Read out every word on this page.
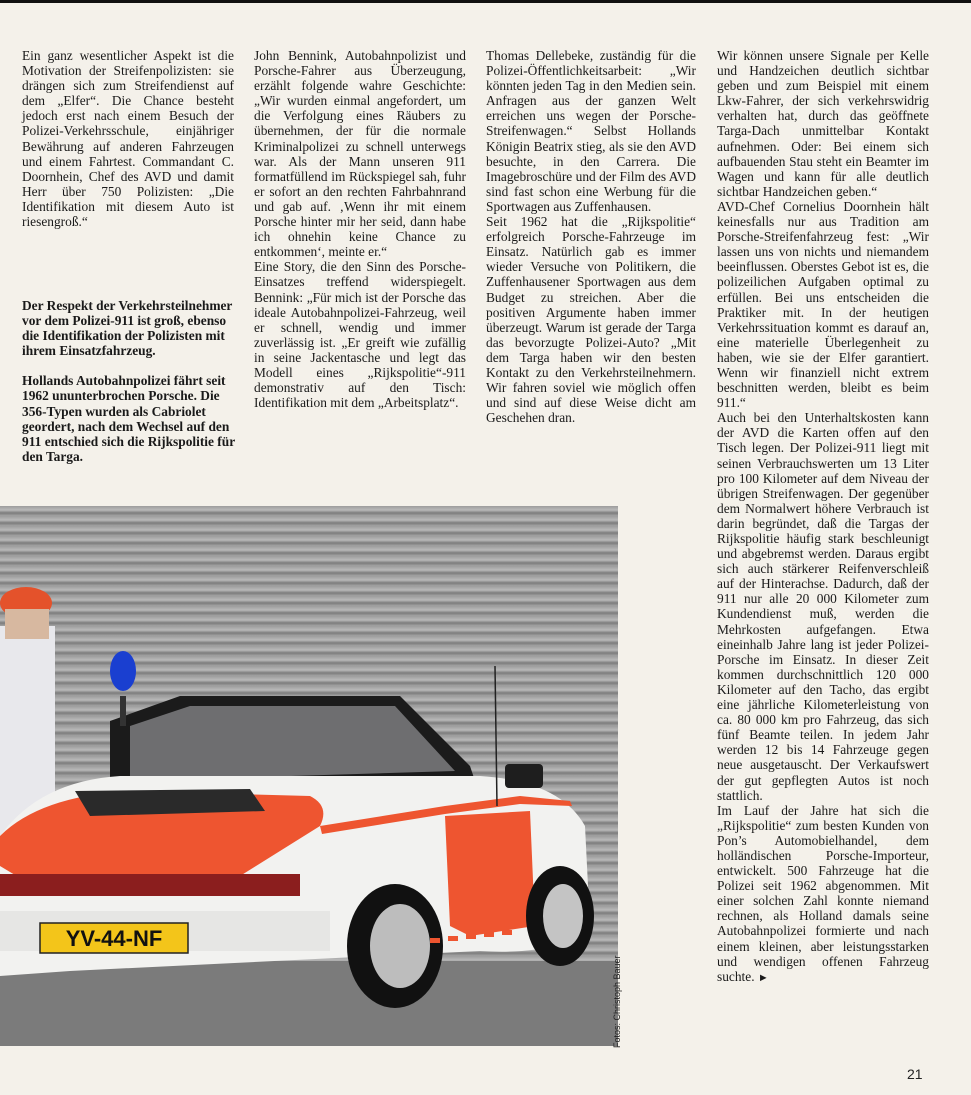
Ein ganz wesentlicher Aspekt ist die Motivation der Streifenpolizisten: sie drängen sich zum Streifendienst auf dem „Elfer“. Die Chance besteht jedoch erst nach einem Besuch der Polizei-Verkehrsschule, einjähriger Bewährung auf anderen Fahrzeugen und einem Fahrtest. Commandant C. Doornhein, Chef des AVD und damit Herr über 750 Polizisten: „Die Identifikation mit diesem Auto ist riesengroß.“

Der Respekt der Verkehrsteilnehmer vor dem Polizei-911 ist groß, ebenso die Identifikation der Polizisten mit ihrem Einsatzfahrzeug.

Hollands Autobahnpolizei fährt seit 1962 ununterbrochen Porsche. Die 356-Typen wurden als Cabriolet geordert, nach dem Wechsel auf den 911 entschied sich die Rijkspolitie für den Targa.

John Bennink, Autobahnpolizist und Porsche-Fahrer aus Überzeugung, erzählt folgende wahre Geschichte: „Wir wurden einmal angefordert, um die Verfolgung eines Räubers zu übernehmen, der für die normale Kriminalpolizei zu schnell unterwegs war. Als der Mann unseren 911 formatfüllend im Rückspiegel sah, fuhr er sofort an den rechten Fahrbahnrand und gab auf. ‚Wenn ihr mit einem Porsche hinter mir her seid, dann habe ich ohnehin keine Chance zu entkommen‘, meinte er.“

Eine Story, die den Sinn des Porsche-Einsatzes treffend widerspiegelt. Bennink: „Für mich ist der Porsche das ideale Autobahnpolizei-Fahrzeug, weil er schnell, wendig und immer zuverlässig ist. „Er greift wie zufällig in seine Jackentasche und legt das Modell eines „Rijkspolitie“-911 demonstrativ auf den Tisch: Identifikation mit dem „Arbeitsplatz“.

Thomas Dellebeke, zuständig für die Polizei-Öffentlichkeitsarbeit: „Wir könnten jeden Tag in den Medien sein. Anfragen aus der ganzen Welt erreichen uns wegen der Porsche-Streifenwagen.“ Selbst Hollands Königin Beatrix stieg, als sie den AVD besuchte, in den Carrera. Die Imagebroschüre und der Film des AVD sind fast schon eine Werbung für die Sportwagen aus Zuffenhausen.

Seit 1962 hat die „Rijkspolitie“ erfolgreich Porsche-Fahrzeuge im Einsatz. Natürlich gab es immer wieder Versuche von Politikern, die Zuffenhausener Sportwagen aus dem Budget zu streichen. Aber die positiven Argumente haben immer überzeugt. Warum ist gerade der Targa das bevorzugte Polizei-Auto? „Mit dem Targa haben wir den besten Kontakt zu den Verkehrsteilnehmern. Wir fahren soviel wie möglich offen und sind auf diese Weise dicht am Geschehen dran.

Wir können unsere Signale per Kelle und Handzeichen deutlich sichtbar geben und zum Beispiel mit einem Lkw-Fahrer, der sich verkehrswidrig verhalten hat, durch das geöffnete Targa-Dach unmittelbar Kontakt aufnehmen. Oder: Bei einem sich aufbauenden Stau steht ein Beamter im Wagen und kann für alle deutlich sichtbar Handzeichen geben.“

AVD-Chef Cornelius Doornhein hält keinesfalls nur aus Tradition am Porsche-Streifenfahrzeug fest: „Wir lassen uns von nichts und niemandem beeinflussen. Oberstes Gebot ist es, die polizeilichen Aufgaben optimal zu erfüllen. Bei uns entscheiden die Praktiker mit. In der heutigen Verkehrssituation kommt es darauf an, eine materielle Überlegenheit zu haben, wie sie der Elfer garantiert. Wenn wir finanziell nicht extrem beschnitten werden, bleibt es beim 911.“

Auch bei den Unterhaltskosten kann der AVD die Karten offen auf den Tisch legen. Der Polizei-911 liegt mit seinen Verbrauchswerten um 13 Liter pro 100 Kilometer auf dem Niveau der übrigen Streifenwagen. Der gegenüber dem Normalwert höhere Verbrauch ist darin begründet, daß die Targas der Rijkspolitie häufig stark beschleunigt und abgebremst werden. Daraus ergibt sich auch stärkerer Reifenverschleiß auf der Hinterachse. Dadurch, daß der 911 nur alle 20 000 Kilometer zum Kundendienst muß, werden die Mehrkosten aufgefangen. Etwa eineinhalb Jahre lang ist jeder Polizei-Porsche im Einsatz. In dieser Zeit kommen durchschnittlich 120 000 Kilometer auf den Tacho, das ergibt eine jährliche Kilometerleistung von ca. 80 000 km pro Fahrzeug, das sich fünf Beamte teilen. In jedem Jahr werden 12 bis 14 Fahrzeuge gegen neue ausgetauscht. Der Verkaufswert der gut gepflegten Autos ist noch stattlich.

Im Lauf der Jahre hat sich die „Rijkspolitie“ zum besten Kunden von Pon’s Automobielhandel, dem holländischen Porsche-Importeur, entwickelt. 500 Fahrzeuge hat die Polizei seit 1962 abgenommen. Mit einer solchen Zahl konnte niemand rechnen, als Holland damals seine Autobahnpolizei formierte und nach einem kleinen, aber leistungsstarken und wendigen offenen Fahrzeug suchte. ►

YV-44-NF
Fotos: Christoph Bauer
21
